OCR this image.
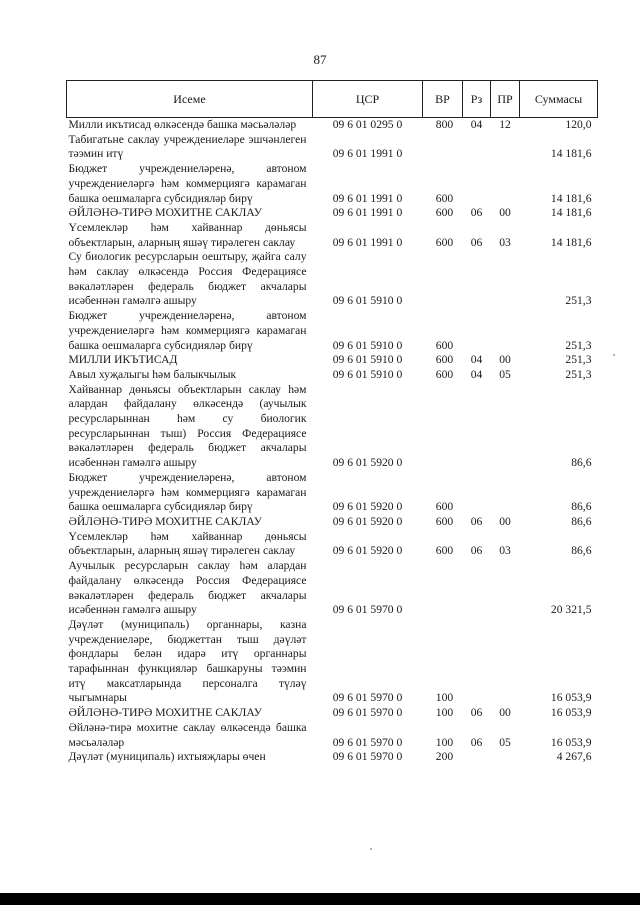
87
Исеме	ЦСР	ВР	Рз	ПР	Суммасы
Милли икътисад өлкәсендә башка мәсьәләләр	09 6 01 0295 0	800	04	12	120,0
Табигатьне саклау учреждениеләре эшчәнлеген тәэмин итү	09 6 01 1991 0				14 181,6
Бюджет учреждениеләренә, автоном учреждениеләргә һәм коммерциягә карамаган башка оешмаларга субсидияләр бирү	09 6 01 1991 0	600			14 181,6
ӘЙЛӘНӘ-ТИРӘ МОХИТНЕ САКЛАУ	09 6 01 1991 0	600	06	00	14 181,6
Үсемлекләр һәм хайваннар дөньясы объектларын, аларның яшәү тирәлеген саклау	09 6 01 1991 0	600	06	03	14 181,6
Су биологик ресурсларын оештыру, җайга салу һәм саклау өлкәсендә Россия Федерациясе вәкаләтләрен федераль бюджет акчалары исәбеннән гамәлгә ашыру	09 6 01 5910 0				251,3
Бюджет учреждениеләренә, автоном учреждениеләргә һәм коммерциягә карамаган башка оешмаларга субсидияләр бирү	09 6 01 5910 0	600			251,3
МИЛЛИ ИКЪТИСАД	09 6 01 5910 0	600	04	00	251,3
Авыл хуҗалыгы һәм балыкчылык	09 6 01 5910 0	600	04	05	251,3
Хайваннар дөньясы объектларын саклау һәм алардан файдалану өлкәсендә (аучылык ресурсларыннан һәм су биологик ресурсларыннан тыш) Россия Федерациясе вәкаләтләрен федераль бюджет акчалары исәбеннән гамәлгә ашыру	09 6 01 5920 0				86,6
Бюджет учреждениеләренә, автоном учреждениеләргә һәм коммерциягә карамаган башка оешмаларга субсидияләр бирү	09 6 01 5920 0	600			86,6
ӘЙЛӘНӘ-ТИРӘ МОХИТНЕ САКЛАУ	09 6 01 5920 0	600	06	00	86,6
Үсемлекләр һәм хайваннар дөньясы объектларын, аларның яшәү тирәлеген саклау	09 6 01 5920 0	600	06	03	86,6
Аучылык ресурсларын саклау һәм алардан файдалану өлкәсендә Россия Федерациясе вәкаләтләрен федераль бюджет акчалары исәбеннән гамәлгә ашыру	09 6 01 5970 0				20 321,5
Дәүләт (муниципаль) органнары, казна учреждениеләре, бюджеттан тыш дәүләт фондлары белән идарә итү органнары тарафыннан функцияләр башкаруны тәэмин итү максатларында персоналга түләү чыгымнары	09 6 01 5970 0	100			16 053,9
ӘЙЛӘНӘ-ТИРӘ МОХИТНЕ САКЛАУ	09 6 01 5970 0	100	06	00	16 053,9
Әйләнә-тирә мохитне саклау өлкәсендә башка мәсьәләләр	09 6 01 5970 0	100	06	05	16 053,9
Дәүләт (муниципаль) ихтыяҗлары өчен	09 6 01 5970 0	200			4 267,6
